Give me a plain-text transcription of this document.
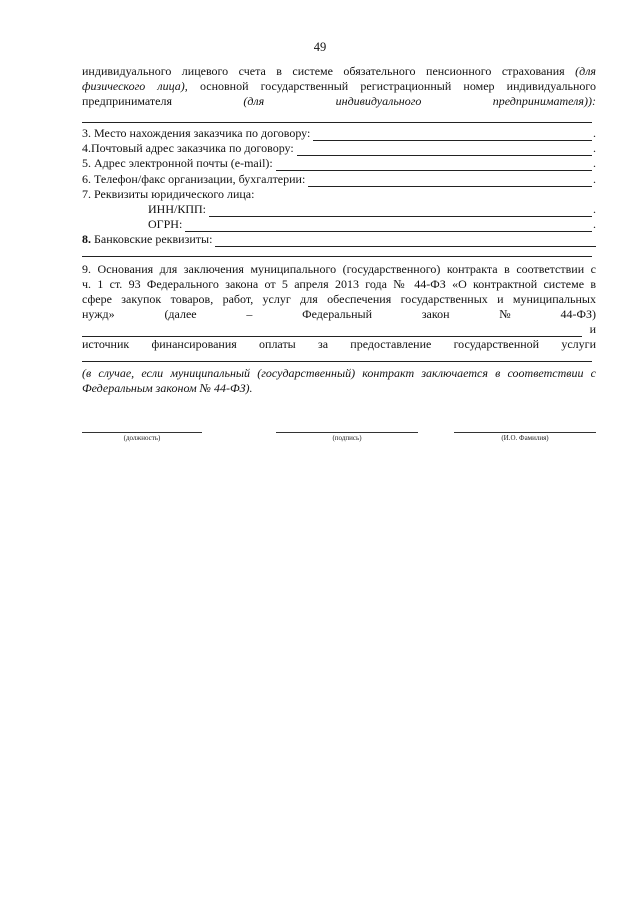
49
индивидуального лицевого счета в системе обязательного пенсионного страхования (для
физического лица), основной государственный регистрационный номер индивидуального
предпринимателя	(для	индивидуального	предпринимателя)):
3. Место нахождения заказчика по договору:	.
4.Почтовый адрес заказчика по договору:	.
5. Адрес электронной почты (e-mail):	.
6. Телефон/факс организации, бухгалтерии:	.
7. Реквизиты юридического лица:
ИНН/КПП:	.
ОГРН:	.
8.
Банковские реквизиты:
9. Основания для заключения муниципального (государственного) контракта в соответствии с
ч. 1 ст. 93 Федерального закона от 5 апреля 2013 года № 44-ФЗ «О контрактной системе в
сфере закупок товаров, работ, услуг для обеспечения государственных и муниципальных
нужд»	(далее	–	Федеральный	закон	№	44-ФЗ)
и
источник финансирования оплаты за предоставление государственной услуги
(в случае, если муниципальный (государственный) контракт заключается в соответствии с Федеральным законом № 44-ФЗ).
(должность)	(подпись)	(И.О. Фамилия)
